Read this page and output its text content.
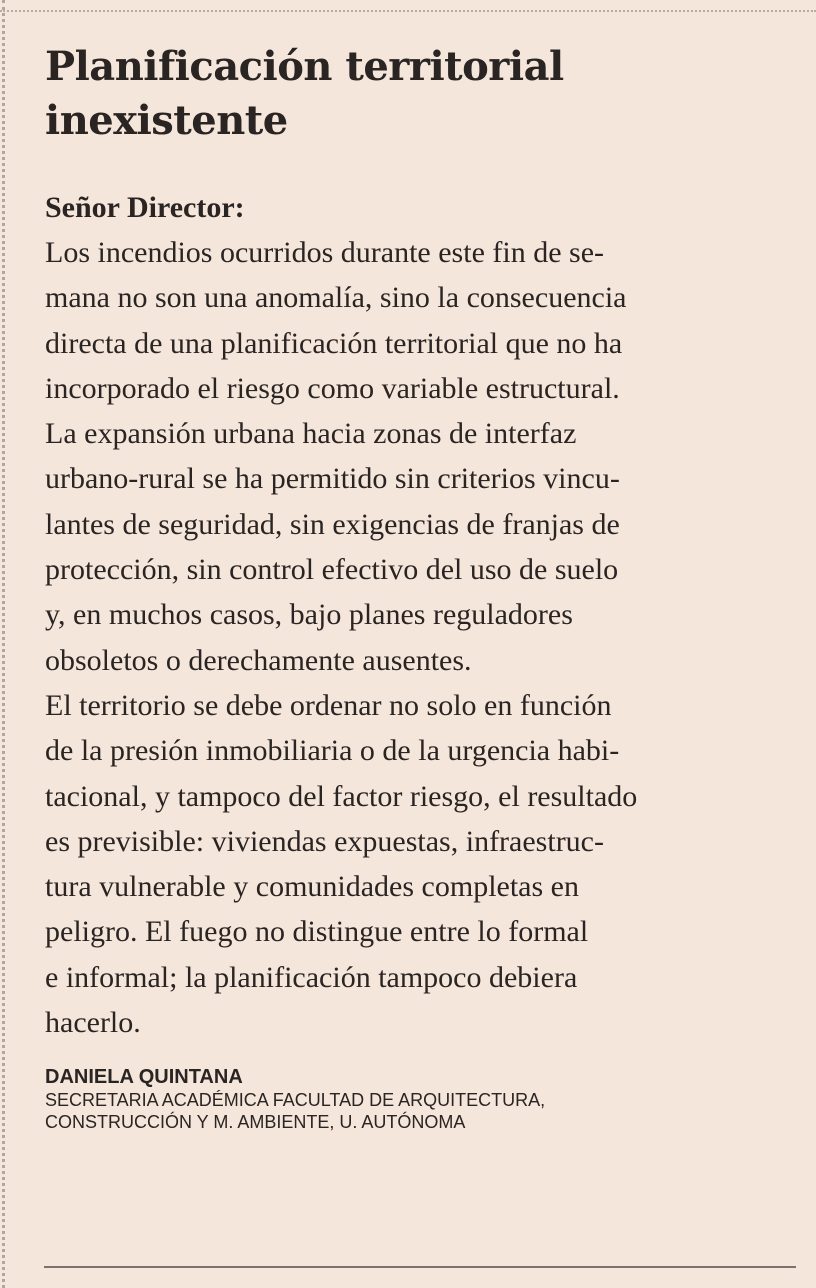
Planificación territorial inexistente
Señor Director:

Los incendios ocurridos durante este fin de se-
mana no son una anomalía, sino la consecuencia
directa de una planificación territorial que no ha
incorporado el riesgo como variable estructural.

La expansión urbana hacia zonas de interfaz
urbano-rural se ha permitido sin criterios vincu-
lantes de seguridad, sin exigencias de franjas de
protección, sin control efectivo del uso de suelo
y, en muchos casos, bajo planes reguladores
obsoletos o derechamente ausentes.

El territorio se debe ordenar no solo en función
de la presión inmobiliaria o de la urgencia habi-
tacional, y tampoco del factor riesgo, el resultado
es previsible: viviendas expuestas, infraestruc-
tura vulnerable y comunidades completas en
peligro. El fuego no distingue entre lo formal
e informal; la planificación tampoco debiera
hacerlo.

DANIELA QUINTANA
SECRETARIA ACADÉMICA FACULTAD DE ARQUITECTURA,
CONSTRUCCIÓN Y M. AMBIENTE, U. AUTÓNOMA
